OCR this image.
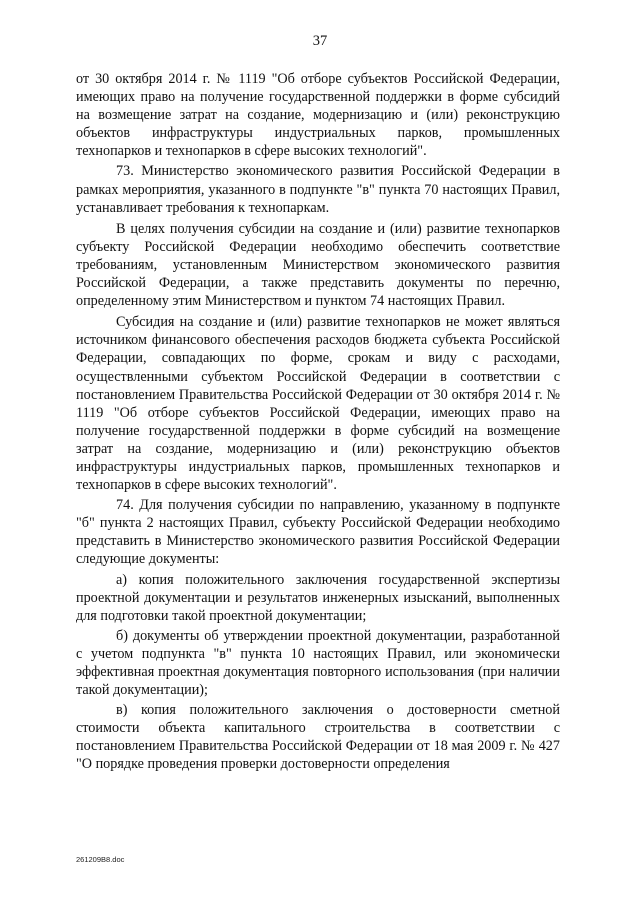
37

от 30 октября 2014 г. № 1119 "Об отборе субъектов Российской Федерации, имеющих право на получение государственной поддержки в форме субсидий на возмещение затрат на создание, модернизацию и (или) реконструкцию объектов инфраструктуры индустриальных парков, промышленных технопарков и технопарков в сфере высоких технологий".

73. Министерство экономического развития Российской Федерации в рамках мероприятия, указанного в подпункте "в" пункта 70 настоящих Правил, устанавливает требования к технопаркам.

В целях получения субсидии на создание и (или) развитие технопарков субъекту Российской Федерации необходимо обеспечить соответствие требованиям, установленным Министерством экономического развития Российской Федерации, а также представить документы по перечню, определенному этим Министерством и пунктом 74 настоящих Правил.

Субсидия на создание и (или) развитие технопарков не может являться источником финансового обеспечения расходов бюджета субъекта Российской Федерации, совпадающих по форме, срокам и виду с расходами, осуществленными субъектом Российской Федерации в соответствии с постановлением Правительства Российской Федерации от 30 октября 2014 г. № 1119 "Об отборе субъектов Российской Федерации, имеющих право на получение государственной поддержки в форме субсидий на возмещение затрат на создание, модернизацию и (или) реконструкцию объектов инфраструктуры индустриальных парков, промышленных технопарков и технопарков в сфере высоких технологий".

74. Для получения субсидии по направлению, указанному в подпункте "б" пункта 2 настоящих Правил, субъекту Российской Федерации необходимо представить в Министерство экономического развития Российской Федерации следующие документы:

а) копия положительного заключения государственной экспертизы проектной документации и результатов инженерных изысканий, выполненных для подготовки такой проектной документации;

б) документы об утверждении проектной документации, разработанной с учетом подпункта "в" пункта 10 настоящих Правил, или экономически эффективная проектная документация повторного использования (при наличии такой документации);

в) копия положительного заключения о достоверности сметной стоимости объекта капитального строительства в соответствии с постановлением Правительства Российской Федерации от 18 мая 2009 г. № 427 "О порядке проведения проверки достоверности определения

261209B8.doc
